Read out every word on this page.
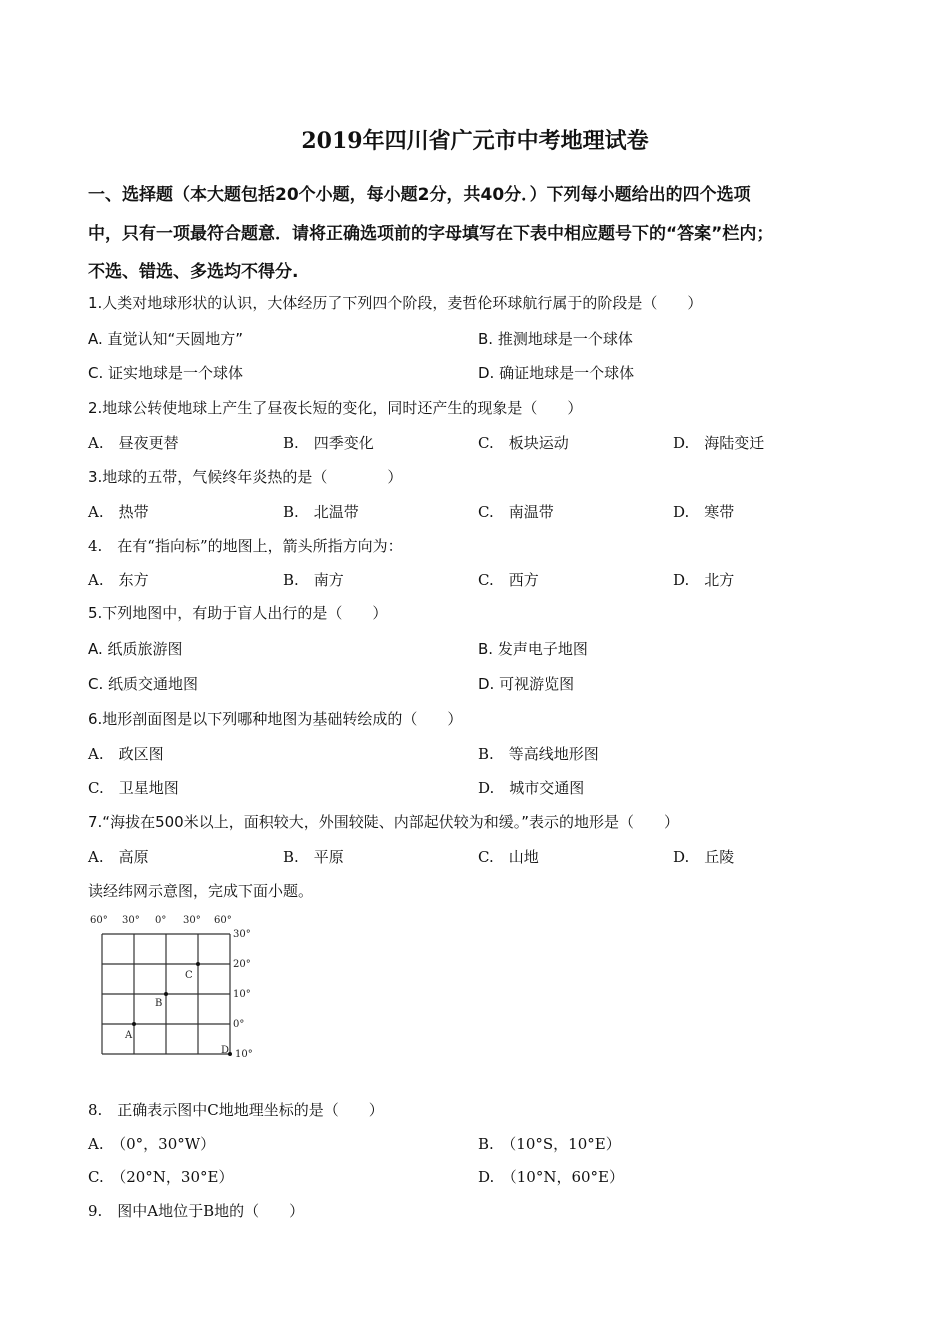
2019年四川省广元市中考地理试卷
一、选择题（本大题包括20个小题，每小题2分，共40分．）下列每小题给出的四个选项
中，只有一项最符合题意．请将正确选项前的字母填写在下表中相应题号下的“答案”栏内；
不选、错选、多选均不得分.
1.人类对地球形状的认识，大体经历了下列四个阶段，麦哲伦环球航行属于的阶段是（　　）
A. 直觉认知“天圆地方”	B. 推测地球是一个球体
C. 证实地球是一个球体	D. 确证地球是一个球体
2.地球公转使地球上产生了昼夜长短的变化，同时还产生的现象是（　　）
A.　昼夜更替	B.　四季变化	C.　板块运动	D.　海陆变迁
3.地球的五带，气候终年炎热的是（　　　　）
A.　热带	B.　北温带	C.　南温带	D.　寒带
4.　在有“指向标”的地图上，箭头所指方向为：
A.　东方	B.　南方	C.　西方	D.　北方
5.下列地图中，有助于盲人出行的是（　　）
A. 纸质旅游图	B. 发声电子地图
C. 纸质交通地图	D. 可视游览图
6.地形剖面图是以下列哪种地图为基础转绘成的（　　）
A.　政区图	B.　等高线地形图
C.　卫星地图	D.　城市交通图
7.“海拔在500米以上，面积较大，外围较陡、内部起伏较为和缓。”表示的地形是（　　）
A.　高原	B.　平原	C.　山地	D.　丘陵
读经纬网示意图，完成下面小题。
60° 30° 0° 30° 60°
30°
20°
10°
0°
10°
A
B
C
D
8.　正确表示图中C地地理坐标的是（　　）
A.　（0°，30°W）	B.　（10°S，10°E）
C.　（20°N，30°E）	D.　（10°N，60°E）
9.　图中A地位于B地的（　　）
